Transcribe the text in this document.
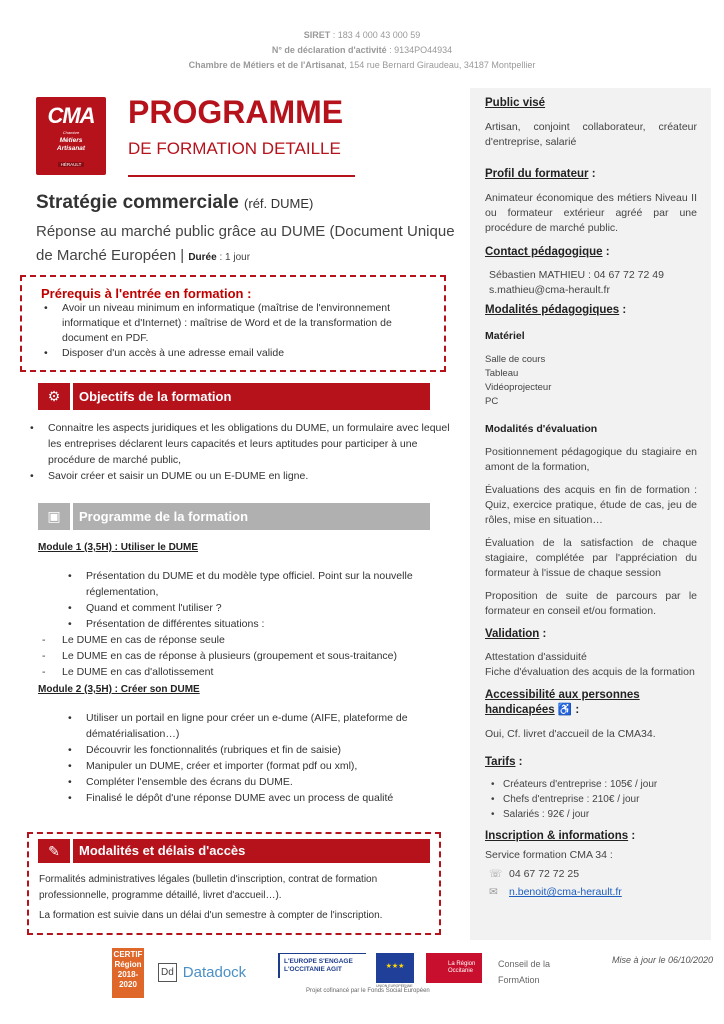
SIRET : 183 4 000 43 000 59
N° de déclaration d'activité : 9134PO44934
Chambre de Métiers et de l'Artisanat, 154 rue Bernard Giraudeau, 34187 Montpellier
CMA
Chambre
Métiers
Artisanat
HÉRAULT
PROGRAMME
DE FORMATION DETAILLE
Stratégie commerciale (réf. DUME)
Réponse au marché public grâce au DUME (Document Unique de Marché Européen | Durée : 1 jour
Prérequis à l'entrée en formation :
• Avoir un niveau minimum en informatique (maîtrise de l'environnement informatique et d'Internet) : maîtrise de Word et de la transformation de document en PDF.
• Disposer d'un accès à une adresse email valide
⚙	Objectifs de la formation
• Connaitre les aspects juridiques et les obligations du DUME, un formulaire avec lequel les entreprises déclarent leurs capacités et leurs aptitudes pour participer à une procédure de marché public,
• Savoir créer et saisir un DUME ou un E-DUME en ligne.
▣	Programme de la formation
Module 1 (3,5H) : Utiliser le DUME
• Présentation du DUME et du modèle type officiel. Point sur la nouvelle réglementation,
• Quand et comment l'utiliser ?
• Présentation de différentes situations :
- Le DUME en cas de réponse seule
- Le DUME en cas de réponse à plusieurs (groupement et sous-traitance)
- Le DUME en cas d'allotissement
Module 2 (3,5H) : Créer son DUME
• Utiliser un portail en ligne pour créer un e-dume (AIFE, plateforme de dématérialisation…)
• Découvrir les fonctionnalités (rubriques et fin de saisie)
• Manipuler un DUME, créer et importer (format pdf ou xml),
• Compléter l'ensemble des écrans du DUME.
• Finalisé le dépôt d'une réponse DUME avec un process de qualité
✎	Modalités et délais d'accès
Formalités administratives légales (bulletin d'inscription, contrat de formation professionnelle, programme détaillé, livret d'accueil…).
La formation est suivie dans un délai d'un semestre à compter de l'inscription.
Public visé

Artisan, conjoint collaborateur, créateur d'entreprise, salarié

Profil du formateur :

Animateur économique des métiers Niveau II ou formateur extérieur agréé par une procédure de marché public.

Contact pédagogique :
Sébastien MATHIEU : 04 67 72 72 49
s.mathieu@cma-herault.fr
Modalités pédagogiques :
Matériel
Salle de cours
Tableau
Vidéoprojecteur
PC
Modalités d'évaluation

Positionnement pédagogique du stagiaire en amont de la formation,

Évaluations des acquis en fin de formation : Quiz, exercice pratique, étude de cas, jeu de rôles, mise en situation…

Évaluation de la satisfaction de chaque stagiaire, complétée par l'appréciation du formateur à l'issue de chaque session

Proposition de suite de parcours par le formateur en conseil et/ou formation.

Validation :
Attestation d'assiduité

Fiche d'évaluation des acquis de la formation

Accessibilité aux personnes handicapées ♿ :
Oui, Cf. livret d'accueil de la CMA34.
Tarifs :
• Créateurs d'entreprise : 105€ / jour
• Chefs d'entreprise : 210€ / jour
• Salariés : 92€ / jour
Inscription & informations :
Service formation CMA 34 :
☏ 04 67 72 72 25
✉ n.benoit@cma-herault.fr
CERTIF Région 2018-2020
Dd Datadock
L'EUROPE S'ENGAGE L'OCCITANIE AGIT	★★★
UNION EUROPÉENNE
La Région Occitanie
Projet cofinancé par le Fonds Social Européen
Conseil de la FormAtion
Mise à jour le 06/10/2020
